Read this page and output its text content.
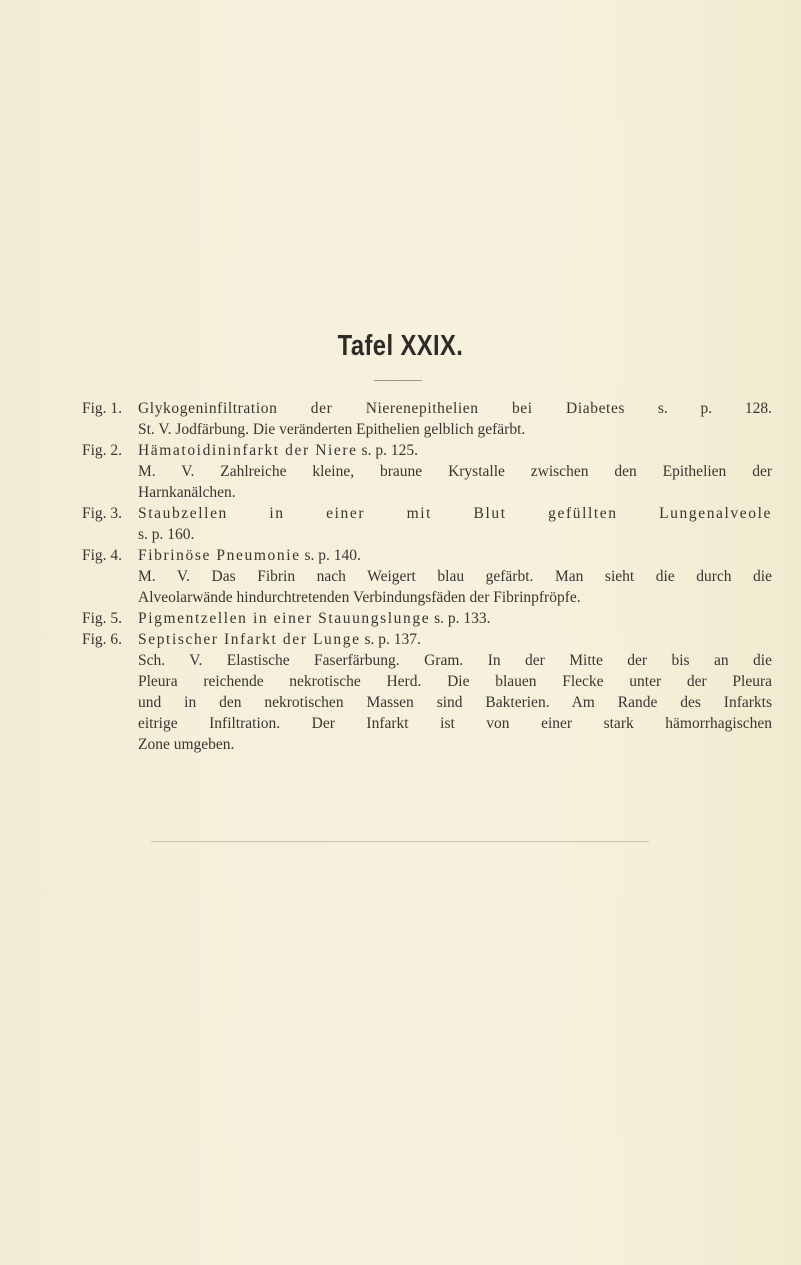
Tafel XXIX.
Fig. 1.	Glykogeninfiltration der Nierenepithelien bei Diabetes s. p. 128.
St. V. Jodfärbung. Die veränderten Epithelien gelblich gefärbt.
Fig. 2.	Hämatoidininfarkt der Niere s. p. 125.
M. V. Zahlreiche kleine, braune Krystalle zwischen den Epithelien der
Harnkanälchen.
Fig. 3.	Staubzellen in einer mit Blut gefüllten Lungenalveole
s. p. 160.
Fig. 4.	Fibrinöse Pneumonie s. p. 140.
M. V. Das Fibrin nach Weigert blau gefärbt. Man sieht die durch die
Alveolarwände hindurchtretenden Verbindungsfäden der Fibrinpfröpfe.
Fig. 5.	Pigmentzellen in einer Stauungslunge s. p. 133.
Fig. 6.	Septischer Infarkt der Lunge s. p. 137.
Sch. V. Elastische Faserfärbung. Gram. In der Mitte der bis an die
Pleura reichende nekrotische Herd. Die blauen Flecke unter der Pleura
und in den nekrotischen Massen sind Bakterien. Am Rande des Infarkts
eitrige Infiltration. Der Infarkt ist von einer stark hämorrhagischen
Zone umgeben.
